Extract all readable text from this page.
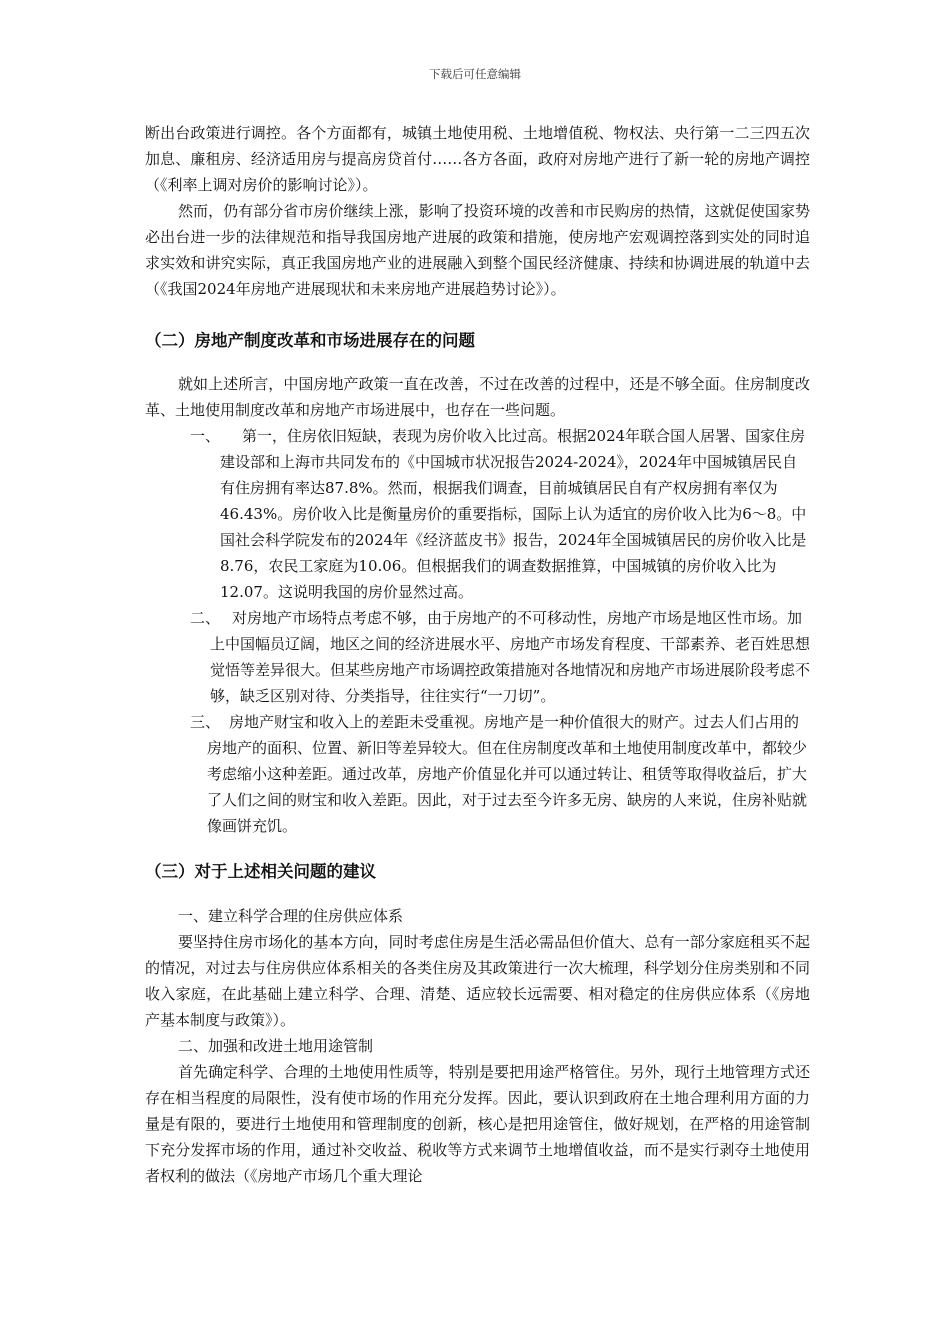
下载后可任意编辑

断出台政策进行调控。各个方面都有，城镇土地使用税、土地增值税、物权法、央行第一二三四五次加息、廉租房、经济适用房与提高房贷首付……各方各面，政府对房地产进行了新一轮的房地产调控（《利率上调对房价的影响讨论》）。

然而，仍有部分省市房价继续上涨，影响了投资环境的改善和市民购房的热情，这就促使国家势必出台进一步的法律规范和指导我国房地产进展的政策和措施，使房地产宏观调控落到实处的同时追求实效和讲究实际，真正我国房地产业的进展融入到整个国民经济健康、持续和协调进展的轨道中去（《我国2024年房地产进展现状和未来房地产进展趋势讨论》）。

（二）房地产制度改革和市场进展存在的问题

就如上述所言，中国房地产政策一直在改善，不过在改善的过程中，还是不够全面。住房制度改革、土地使用制度改革和房地产市场进展中，也存在一些问题。

一、 第一，住房依旧短缺，表现为房价收入比过高。根据2024年联合国人居署、国家住房建设部和上海市共同发布的《中国城市状况报告2024-2024》，2024年中国城镇居民自有住房拥有率达87.8%。然而，根据我们调查，目前城镇居民自有产权房拥有率仅为46.43%。房价收入比是衡量房价的重要指标，国际上认为适宜的房价收入比为6～8。中国社会科学院发布的2024年《经济蓝皮书》报告，2024年全国城镇居民的房价收入比是8.76，农民工家庭为10.06。但根据我们的调查数据推算，中国城镇的房价收入比为12.07。这说明我国的房价显然过高。
二、 对房地产市场特点考虑不够，由于房地产的不可移动性，房地产市场是地区性市场。加上中国幅员辽阔，地区之间的经济进展水平、房地产市场发育程度、干部素养、老百姓思想觉悟等差异很大。但某些房地产市场调控政策措施对各地情况和房地产市场进展阶段考虑不够，缺乏区别对待、分类指导，往往实行“一刀切”。
三、 房地产财宝和收入上的差距未受重视。房地产是一种价值很大的财产。过去人们占用的房地产的面积、位置、新旧等差异较大。但在住房制度改革和土地使用制度改革中，都较少考虑缩小这种差距。通过改革，房地产价值显化并可以通过转让、租赁等取得收益后，扩大了人们之间的财宝和收入差距。因此，对于过去至今许多无房、缺房的人来说，住房补贴就像画饼充饥。
（三）对于上述相关问题的建议

一、建立科学合理的住房供应体系

要坚持住房市场化的基本方向，同时考虑住房是生活必需品但价值大、总有一部分家庭租买不起的情况，对过去与住房供应体系相关的各类住房及其政策进行一次大梳理，科学划分住房类别和不同收入家庭，在此基础上建立科学、合理、清楚、适应较长远需要、相对稳定的住房供应体系（《房地产基本制度与政策》）。

二、加强和改进土地用途管制

首先确定科学、合理的土地使用性质等，特别是要把用途严格管住。另外，现行土地管理方式还存在相当程度的局限性，没有使市场的作用充分发挥。因此，要认识到政府在土地合理利用方面的力量是有限的，要进行土地使用和管理制度的创新，核心是把用途管住，做好规划，在严格的用途管制下充分发挥市场的作用，通过补交收益、税收等方式来调节土地增值收益，而不是实行剥夺土地使用者权利的做法（《房地产市场几个重大理论
